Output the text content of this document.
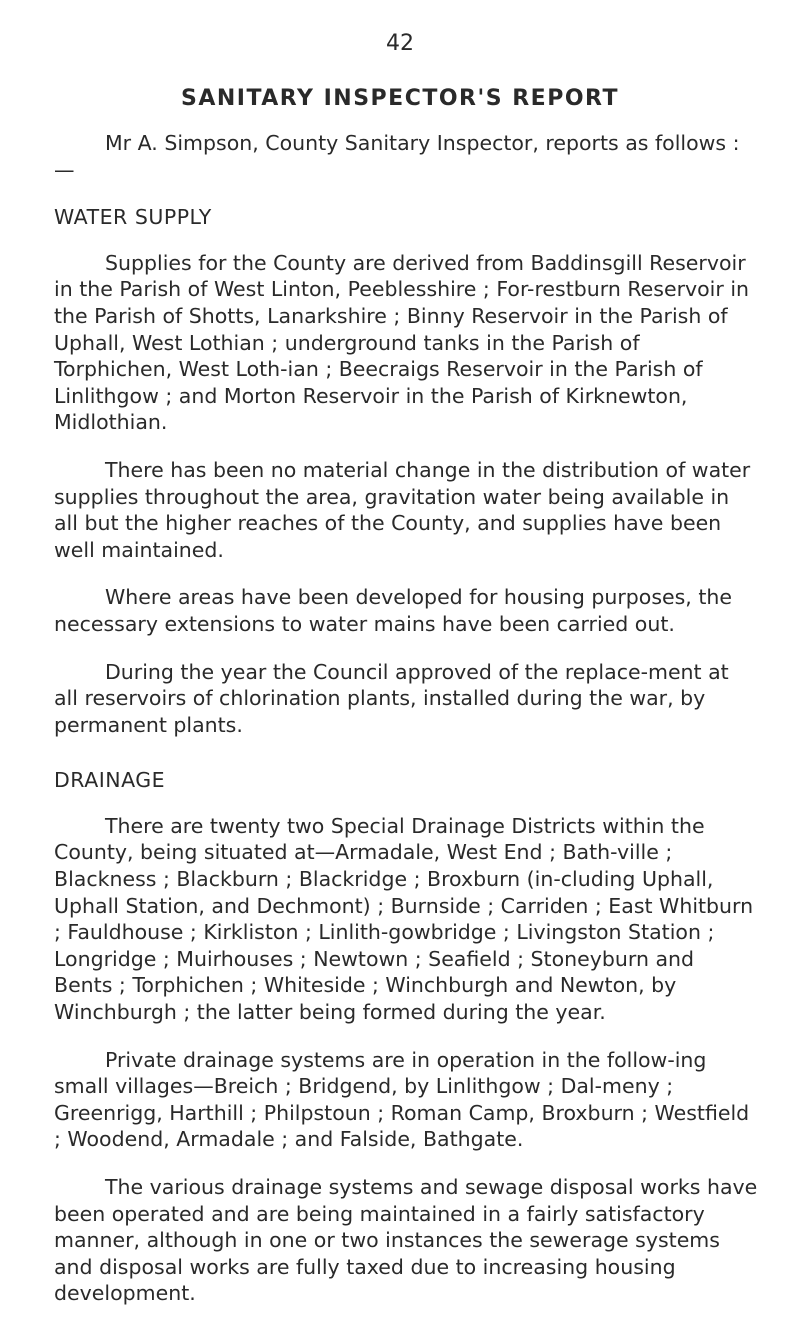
42
SANITARY INSPECTOR'S REPORT

Mr A. Simpson, County Sanitary Inspector, reports as follows :—

WATER SUPPLY

Supplies for the County are derived from Baddinsgill Reservoir in the Parish of West Linton, Peeblesshire ; For-restburn Reservoir in the Parish of Shotts, Lanarkshire ; Binny Reservoir in the Parish of Uphall, West Lothian ; underground tanks in the Parish of Torphichen, West Loth-ian ; Beecraigs Reservoir in the Parish of Linlithgow ; and Morton Reservoir in the Parish of Kirknewton, Midlothian.

There has been no material change in the distribution of water supplies throughout the area, gravitation water being available in all but the higher reaches of the County, and supplies have been well maintained.

Where areas have been developed for housing purposes, the necessary extensions to water mains have been carried out.

During the year the Council approved of the replace-ment at all reservoirs of chlorination plants, installed during the war, by permanent plants.

DRAINAGE

There are twenty two Special Drainage Districts within the County, being situated at—Armadale, West End ; Bath-ville ; Blackness ; Blackburn ; Blackridge ; Broxburn (in-cluding Uphall, Uphall Station, and Dechmont) ; Burnside ; Carriden ; East Whitburn ; Fauldhouse ; Kirkliston ; Linlith-gowbridge ; Livingston Station ; Longridge ; Muirhouses ; Newtown ; Seafield ; Stoneyburn and Bents ; Torphichen ; Whiteside ; Winchburgh and Newton, by Winchburgh ; the latter being formed during the year.

Private drainage systems are in operation in the follow-ing small villages—Breich ; Bridgend, by Linlithgow ; Dal-meny ; Greenrigg, Harthill ; Philpstoun ; Roman Camp, Broxburn ; Westfield ; Woodend, Armadale ; and Falside, Bathgate.

The various drainage systems and sewage disposal works have been operated and are being maintained in a fairly satisfactory manner, although in one or two instances the sewerage systems and disposal works are fully taxed due to increasing housing development.
